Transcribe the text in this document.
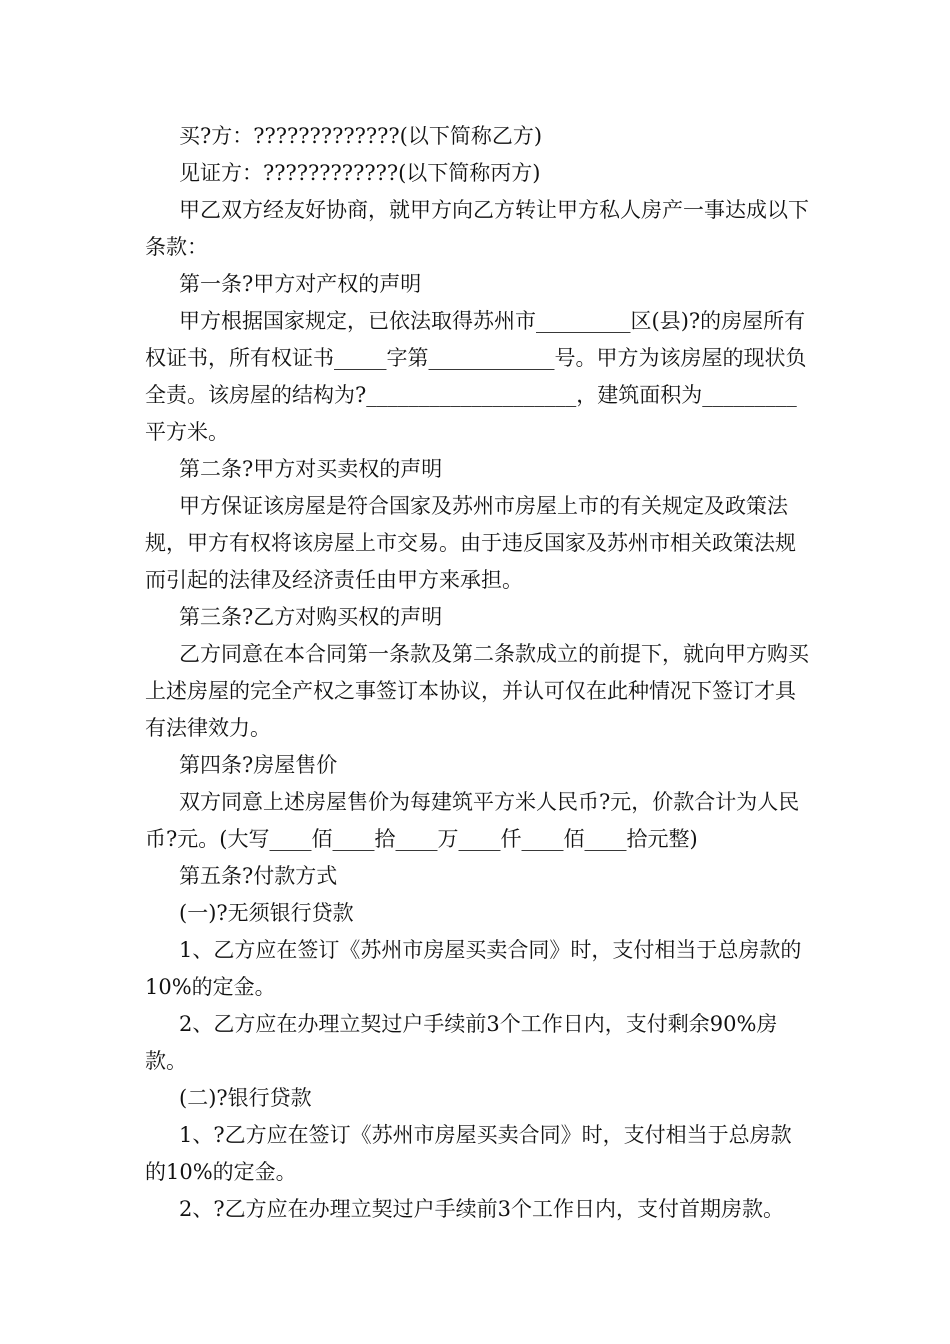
买?方：?????????????(以下简称乙方)

见证方：????????????(以下简称丙方)

甲乙双方经友好协商，就甲方向乙方转让甲方私人房产一事达成以下条款：

第一条?甲方对产权的声明

甲方根据国家规定，已依法取得苏州市_________区(县)?的房屋所有权证书，所有权证书_____字第____________号。甲方为该房屋的现状负全责。该房屋的结构为?____________________，建筑面积为_________平方米。

第二条?甲方对买卖权的声明

甲方保证该房屋是符合国家及苏州市房屋上市的有关规定及政策法规，甲方有权将该房屋上市交易。由于违反国家及苏州市相关政策法规而引起的法律及经济责任由甲方来承担。

第三条?乙方对购买权的声明

乙方同意在本合同第一条款及第二条款成立的前提下，就向甲方购买上述房屋的完全产权之事签订本协议，并认可仅在此种情况下签订才具有法律效力。

第四条?房屋售价

双方同意上述房屋售价为每建筑平方米人民币?元，价款合计为人民币?元。(大写____佰____拾____万____仟____佰____拾元整)

第五条?付款方式

(一)?无须银行贷款

1、乙方应在签订《苏州市房屋买卖合同》时，支付相当于总房款的10%的定金。

2、乙方应在办理立契过户手续前3个工作日内，支付剩余90%房款。

(二)?银行贷款

1、?乙方应在签订《苏州市房屋买卖合同》时，支付相当于总房款的10%的定金。

2、?乙方应在办理立契过户手续前3个工作日内，支付首期房款。
